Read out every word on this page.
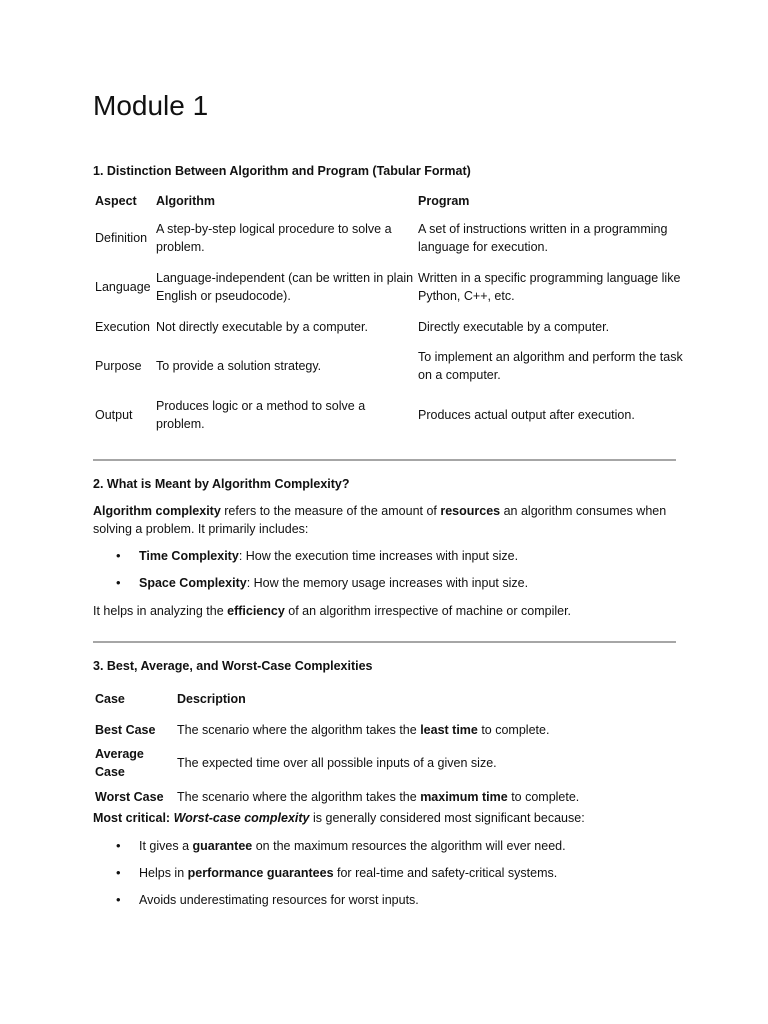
Module 1

1. Distinction Between Algorithm and Program (Tabular Format)

Aspect	Algorithm	Program
Definition	A step-by-step logical procedure to solve a problem.	A set of instructions written in a programming language for execution.
Language	Language-independent (can be written in plain English or pseudocode).	Written in a specific programming language like Python, C++, etc.
Execution	Not directly executable by a computer.	Directly executable by a computer.
Purpose	To provide a solution strategy.	To implement an algorithm and perform the task on a computer.
Output	Produces logic or a method to solve a problem.	Produces actual output after execution.

2. What is Meant by Algorithm Complexity?

Algorithm complexity refers to the measure of the amount of resources an algorithm consumes when solving a problem. It primarily includes:

• Time Complexity: How the execution time increases with input size.
• Space Complexity: How the memory usage increases with input size.

It helps in analyzing the efficiency of an algorithm irrespective of machine or compiler.

3. Best, Average, and Worst-Case Complexities

Case	Description
Best Case	The scenario where the algorithm takes the least time to complete.
Average Case	The expected time over all possible inputs of a given size.
Worst Case	The scenario where the algorithm takes the maximum time to complete.

Most critical: Worst-case complexity is generally considered most significant because:

• It gives a guarantee on the maximum resources the algorithm will ever need.
• Helps in performance guarantees for real-time and safety-critical systems.
• Avoids underestimating resources for worst inputs.
